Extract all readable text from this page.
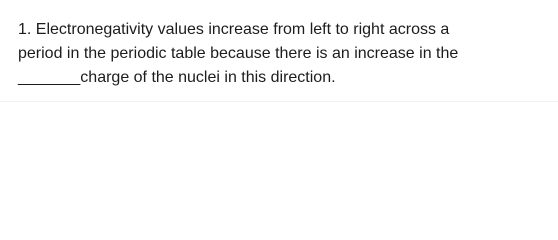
1. Electronegativity values increase from left to right across a
period in the periodic table because there is an increase in the
_______charge of the nuclei in this direction.
